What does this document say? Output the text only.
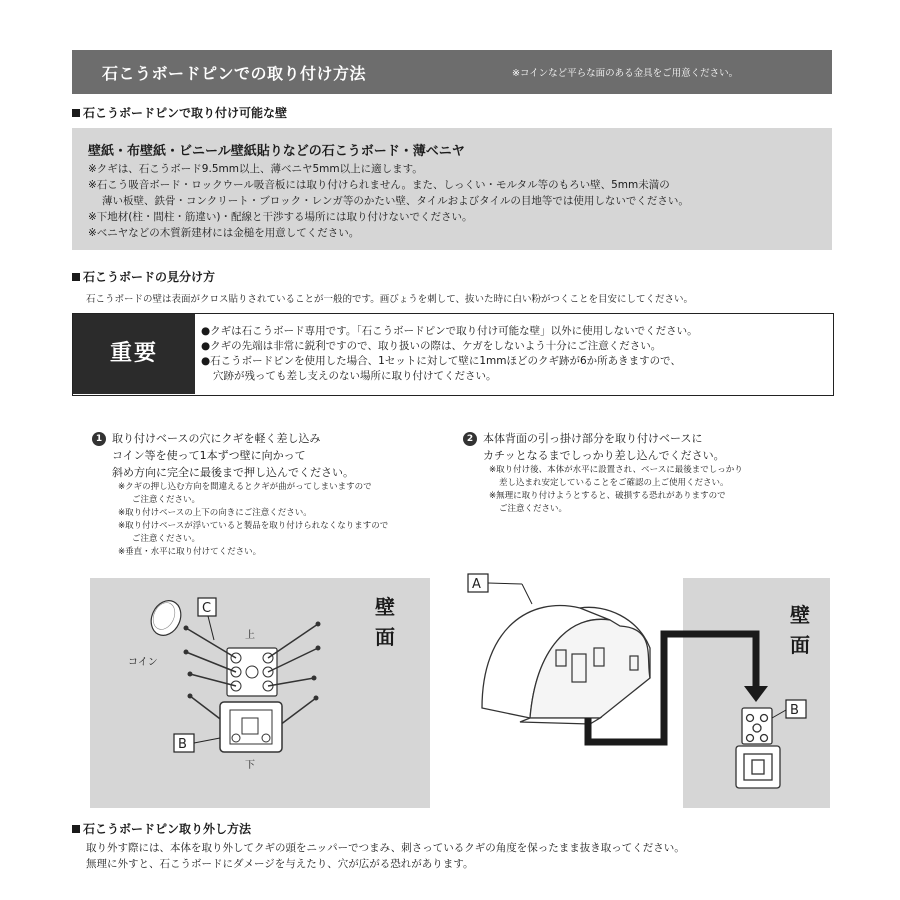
石こうボードピンでの取り付け方法	※コインなど平らな面のある金具をご用意ください。
石こうボードピンで取り付け可能な壁
壁紙・布壁紙・ビニール壁紙貼りなどの石こうボード・薄ベニヤ
※クギは、石こうボード9.5mm以上、薄ベニヤ5mm以上に適します。
※石こう吸音ボード・ロックウール吸音板には取り付けられません。また、しっくい・モルタル等のもろい壁、5mm未満の
薄い板壁、鉄骨・コンクリート・ブロック・レンガ等のかたい壁、タイルおよびタイルの目地等では使用しないでください。
※下地材(柱・間柱・筋違い)・配線と干渉する場所には取り付けないでください。
※ベニヤなどの木質新建材には金槌を用意してください。
石こうボードの見分け方
石こうボードの壁は表面がクロス貼りされていることが一般的です。画びょうを刺して、抜いた時に白い粉がつくことを目安にしてください。
重要
●クギは石こうボード専用です。「石こうボードピンで取り付け可能な壁」以外に使用しないでください。
●クギの先端は非常に鋭利ですので、取り扱いの際は、ケガをしないよう十分にご注意ください。
●石こうボードピンを使用した場合、1セットに対して壁に1mmほどのクギ跡が6か所あきますので、
穴跡が残っても差し支えのない場所に取り付けてください。
1 取り付けベースの穴にクギを軽く差し込み
コイン等を使って1本ずつ壁に向かって
斜め方向に完全に最後まで押し込んでください。
※クギの押し込む方向を間違えるとクギが曲がってしまいますので
ご注意ください。
※取り付けベースの上下の向きにご注意ください。
※取り付けベースが浮いていると製品を取り付けられなくなりますので
ご注意ください。
※垂直・水平に取り付けてください。
2 本体背面の引っ掛け部分を取り付けベースに
カチッとなるまでしっかり差し込んでください。
※取り付け後、本体が水平に設置され、ベースに最後までしっかり
差し込まれ安定していることをご確認の上ご使用ください。
※無理に取り付けようとすると、破損する恐れがありますので
ご注意ください。
壁
面
コイン
C
上
B
下
壁
面
A
B
石こうボードピン取り外し方法
取り外す際には、本体を取り外してクギの頭をニッパーでつまみ、刺さっているクギの角度を保ったまま抜き取ってください。
無理に外すと、石こうボードにダメージを与えたり、穴が広がる恐れがあります。
